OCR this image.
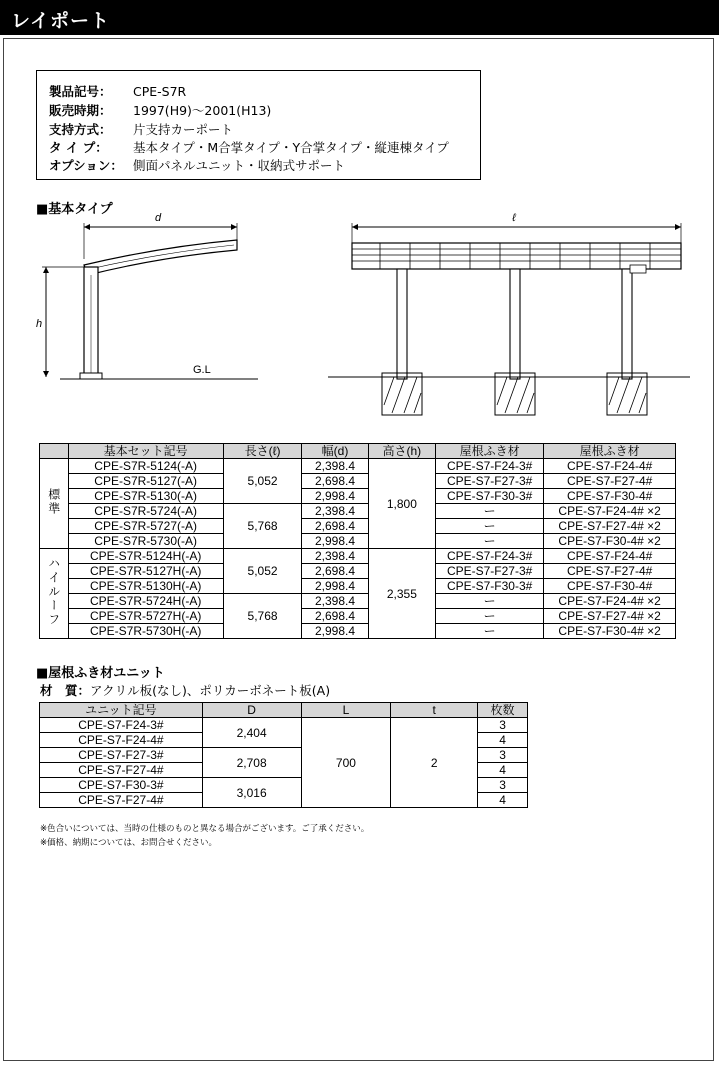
レイポート
製品記号： CPE-S7R
販売時期： 1997(H9)～2001(H13)
支持方式： 片支持カーポート
タ イ プ： 基本タイプ・M合掌タイプ・Y合掌タイプ・縦連棟タイプ
オプション： 側面パネルユニット・収納式サポート
■基本タイプ
d
h
G.L
ℓ
	基本セット記号	長さ(ℓ)	幅(d)	高さ(h)	屋根ふき材	屋根ふき材
標準	CPE-S7R-5124(-A)	5,052	2,398.4	1,800	CPE-S7-F24-3#	CPE-S7-F24-4#
	CPE-S7R-5127(-A)		2,698.4		CPE-S7-F27-3#	CPE-S7-F27-4#
	CPE-S7R-5130(-A)		2,998.4		CPE-S7-F30-3#	CPE-S7-F30-4#
	CPE-S7R-5724(-A)	5,768	2,398.4		ー	CPE-S7-F24-4# ×2
	CPE-S7R-5727(-A)		2,698.4		ー	CPE-S7-F27-4# ×2
	CPE-S7R-5730(-A)		2,998.4		ー	CPE-S7-F30-4# ×2
ハイルーフ	CPE-S7R-5124H(-A)	5,052	2,398.4	2,355	CPE-S7-F24-3#	CPE-S7-F24-4#
	CPE-S7R-5127H(-A)		2,698.4		CPE-S7-F27-3#	CPE-S7-F27-4#
	CPE-S7R-5130H(-A)		2,998.4		CPE-S7-F30-3#	CPE-S7-F30-4#
	CPE-S7R-5724H(-A)	5,768	2,398.4		ー	CPE-S7-F24-4# ×2
	CPE-S7R-5727H(-A)		2,698.4		ー	CPE-S7-F27-4# ×2
	CPE-S7R-5730H(-A)		2,998.4		ー	CPE-S7-F30-4# ×2
■屋根ふき材ユニット
材　質：アクリル板(なし)、ポリカーボネート板(A)
ユニット記号	D	L	t	枚数
CPE-S7-F24-3#	2,404	700	2	3
CPE-S7-F24-4#				4
CPE-S7-F27-3#	2,708			3
CPE-S7-F27-4#				4
CPE-S7-F30-3#	3,016			3
CPE-S7-F27-4#				4
※色合いについては、当時の仕様のものと異なる場合がございます。ご了承ください。
※価格、納期については、お問合せください。
